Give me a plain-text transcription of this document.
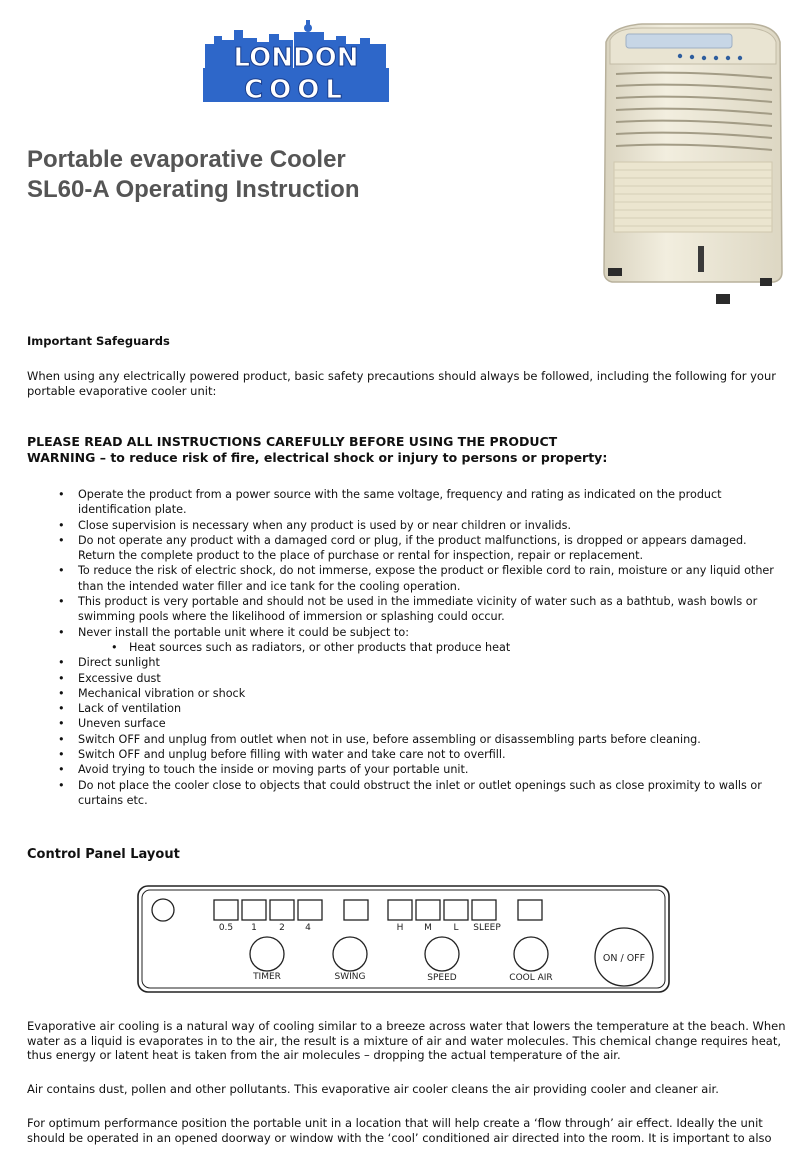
LONDON
COOL
Portable evaporative Cooler
SL60-A Operating Instruction
Important Safeguards
When using any electrically powered product, basic safety precautions should always be followed, including the following for your portable evaporative cooler unit:
PLEASE READ ALL INSTRUCTIONS CAREFULLY BEFORE USING THE PRODUCT
WARNING – to reduce risk of fire, electrical shock or injury to persons or property:
• Operate the product from a power source with the same voltage, frequency and rating as indicated on the product identification plate.
• Close supervision is necessary when any product is used by or near children or invalids.
• Do not operate any product with a damaged cord or plug, if the product malfunctions, is dropped or appears damaged. Return the complete product to the place of purchase or rental for inspection, repair or replacement.
• To reduce the risk of electric shock, do not immerse, expose the product or flexible cord to rain, moisture or any liquid other than the intended water filler and ice tank for the cooling operation.
• This product is very portable and should not be used in the immediate vicinity of water such as a bathtub, wash bowls or swimming pools where the likelihood of immersion or splashing could occur.
• Never install the portable unit where it could be subject to:
• Heat sources such as radiators, or other products that produce heat
• Direct sunlight
• Excessive dust
• Mechanical vibration or shock
• Lack of ventilation
• Uneven surface
• Switch OFF and unplug from outlet when not in use, before assembling or disassembling parts before cleaning.
• Switch OFF and unplug before filling with water and take care not to overfill.
• Avoid trying to touch the inside or moving parts of your portable unit.
• Do not place the cooler close to objects that could obstruct the inlet or outlet openings such as close proximity to walls or curtains etc.
Control Panel Layout
0.5 1 2 4	H M L SLEEP
TIMER	SWING	SPEED	COOL AIR
ON / OFF
Evaporative air cooling is a natural way of cooling similar to a breeze across water that lowers the temperature at the beach. When water as a liquid is evaporates in to the air, the result is a mixture of air and water molecules. This chemical change requires heat, thus energy or latent heat is taken from the air molecules – dropping the actual temperature of the air.
Air contains dust, pollen and other pollutants. This evaporative air cooler cleans the air providing cooler and cleaner air.
For optimum performance position the portable unit in a location that will help create a ‘flow through’ air effect. Ideally the unit should be operated in an opened doorway or window with the ‘cool’ conditioned air directed into the room. It is important to also
